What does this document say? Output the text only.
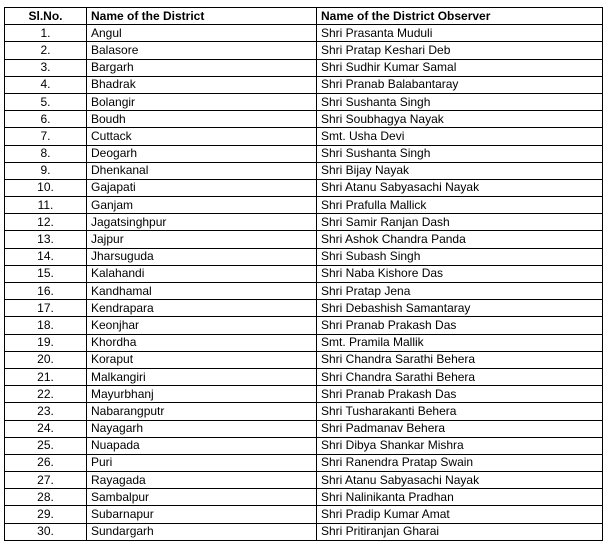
Sl.No.	Name of the District	Name of the District Observer
1.	Angul	Shri Prasanta Muduli
2.	Balasore	Shri Pratap Keshari Deb
3.	Bargarh	Shri Sudhir Kumar Samal
4.	Bhadrak	Shri Pranab Balabantaray
5.	Bolangir	Shri Sushanta Singh
6.	Boudh	Shri Soubhagya Nayak
7.	Cuttack	Smt. Usha Devi
8.	Deogarh	Shri Sushanta Singh
9.	Dhenkanal	Shri Bijay Nayak
10.	Gajapati	Shri Atanu Sabyasachi Nayak
11.	Ganjam	Shri Prafulla Mallick
12.	Jagatsinghpur	Shri Samir Ranjan Dash
13.	Jajpur	Shri Ashok Chandra Panda
14.	Jharsuguda	Shri Subash Singh
15.	Kalahandi	Shri Naba Kishore Das
16.	Kandhamal	Shri Pratap Jena
17.	Kendrapara	Shri Debashish Samantaray
18.	Keonjhar	Shri Pranab Prakash Das
19.	Khordha	Smt. Pramila Mallik
20.	Koraput	Shri Chandra Sarathi Behera
21.	Malkangiri	Shri Chandra Sarathi Behera
22.	Mayurbhanj	Shri Pranab Prakash Das
23.	Nabarangputr	Shri Tusharakanti Behera
24.	Nayagarh	Shri Padmanav Behera
25.	Nuapada	Shri Dibya Shankar Mishra
26.	Puri	Shri Ranendra Pratap Swain
27.	Rayagada	Shri Atanu Sabyasachi Nayak
28.	Sambalpur	Shri Nalinikanta Pradhan
29.	Subarnapur	Shri Pradip Kumar Amat
30.	Sundargarh	Shri Pritiranjan Gharai
